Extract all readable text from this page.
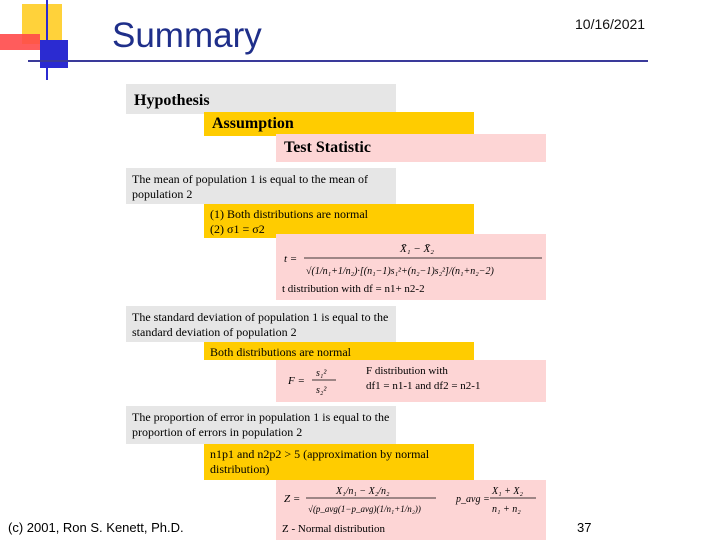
Summary	10/16/2021
Hypothesis
Assumption
Test Statistic
The mean of population 1 is equal to the mean of population 2
(1) Both distributions are normal
(2) σ1 = σ2
t =
X̄₁ − X̄₂
√(1/n₁+1/n₂)·[(n₁−1)s₁²+(n₂−1)s₂²]/(n₁+n₂−2)
t distribution with df = n1+ n2-2
The standard deviation of population 1 is equal to the standard deviation of population 2
Both distributions are normal
F =
s₁²
s₂²
F distribution with
df1 = n1-1 and df2 = n2-1
The proportion of error in population 1 is equal to the proportion of errors in population 2
n1p1 and n2p2 > 5 (approximation by normal distribution)
Z =
X₁/n₁ − X₂/n₂
√(p_avg(1−p_avg)(1/n₁+1/n₂))
p_avg =
X₁ + X₂
n₁ + n₂
Z - Normal distribution
(c) 2001, Ron S. Kenett, Ph.D.	37
